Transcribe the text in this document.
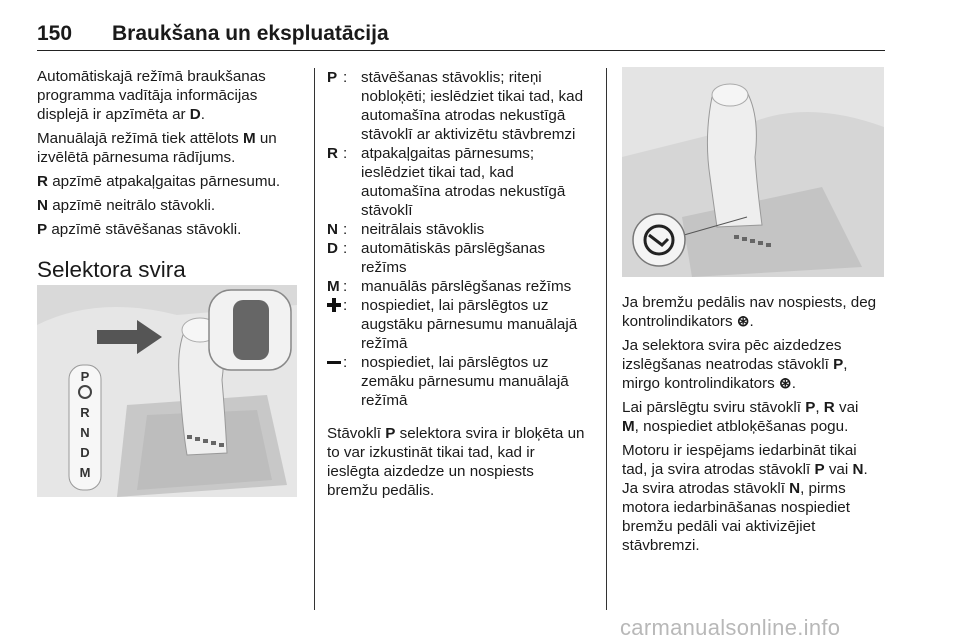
150 Braukšana un ekspluatācija

Automātiskajā režīmā braukšanas
programma vadītāja informācijas
displejā ir apzīmēta ar D.

Manuālajā režīmā tiek attēlots M un
izvēlētā pārnesuma rādījums.

R apzīmē atpakaļgaitas pārnesumu.

N apzīmē neitrālo stāvokli.

P apzīmē stāvēšanas stāvokli.

Selektora svira
P
R
N
D
M
P : stāvēšanas stāvoklis; riteņi
nobloķēti; ieslēdziet tikai tad, kad
automašīna atrodas nekustīgā
stāvoklī ar aktivizētu stāvbremzi
R : atpakaļgaitas pārnesums;
ieslēdziet tikai tad, kad
automašīna atrodas nekustīgā
stāvoklī
N : neitrālais stāvoklis
D : automātiskās pārslēgšanas
režīms
M : manuālās pārslēgšanas režīms
: nospiediet, lai pārslēgtos uz
augstāku pārnesumu manuālajā
režīmā
: nospiediet, lai pārslēgtos uz
zemāku pārnesumu manuālajā
režīmā

Stāvoklī P selektora svira ir bloķēta un
to var izkustināt tikai tad, kad ir
ieslēgta aizdedze un nospiests
bremžu pedālis.

Ja bremžu pedālis nav nospiests, deg
kontrolindikators ⊛.

Ja selektora svira pēc aizdedzes
izslēgšanas neatrodas stāvoklī P,
mirgo kontrolindikators ⊛.

Lai pārslēgtu sviru stāvoklī P, R vai
M, nospiediet atbloķēšanas pogu.

Motoru ir iespējams iedarbināt tikai
tad, ja svira atrodas stāvoklī P vai N.
Ja svira atrodas stāvoklī N, pirms
motora iedarbināšanas nospiediet
bremžu pedāli vai aktivizējiet
stāvbremzi.

carmanualsonline.info
